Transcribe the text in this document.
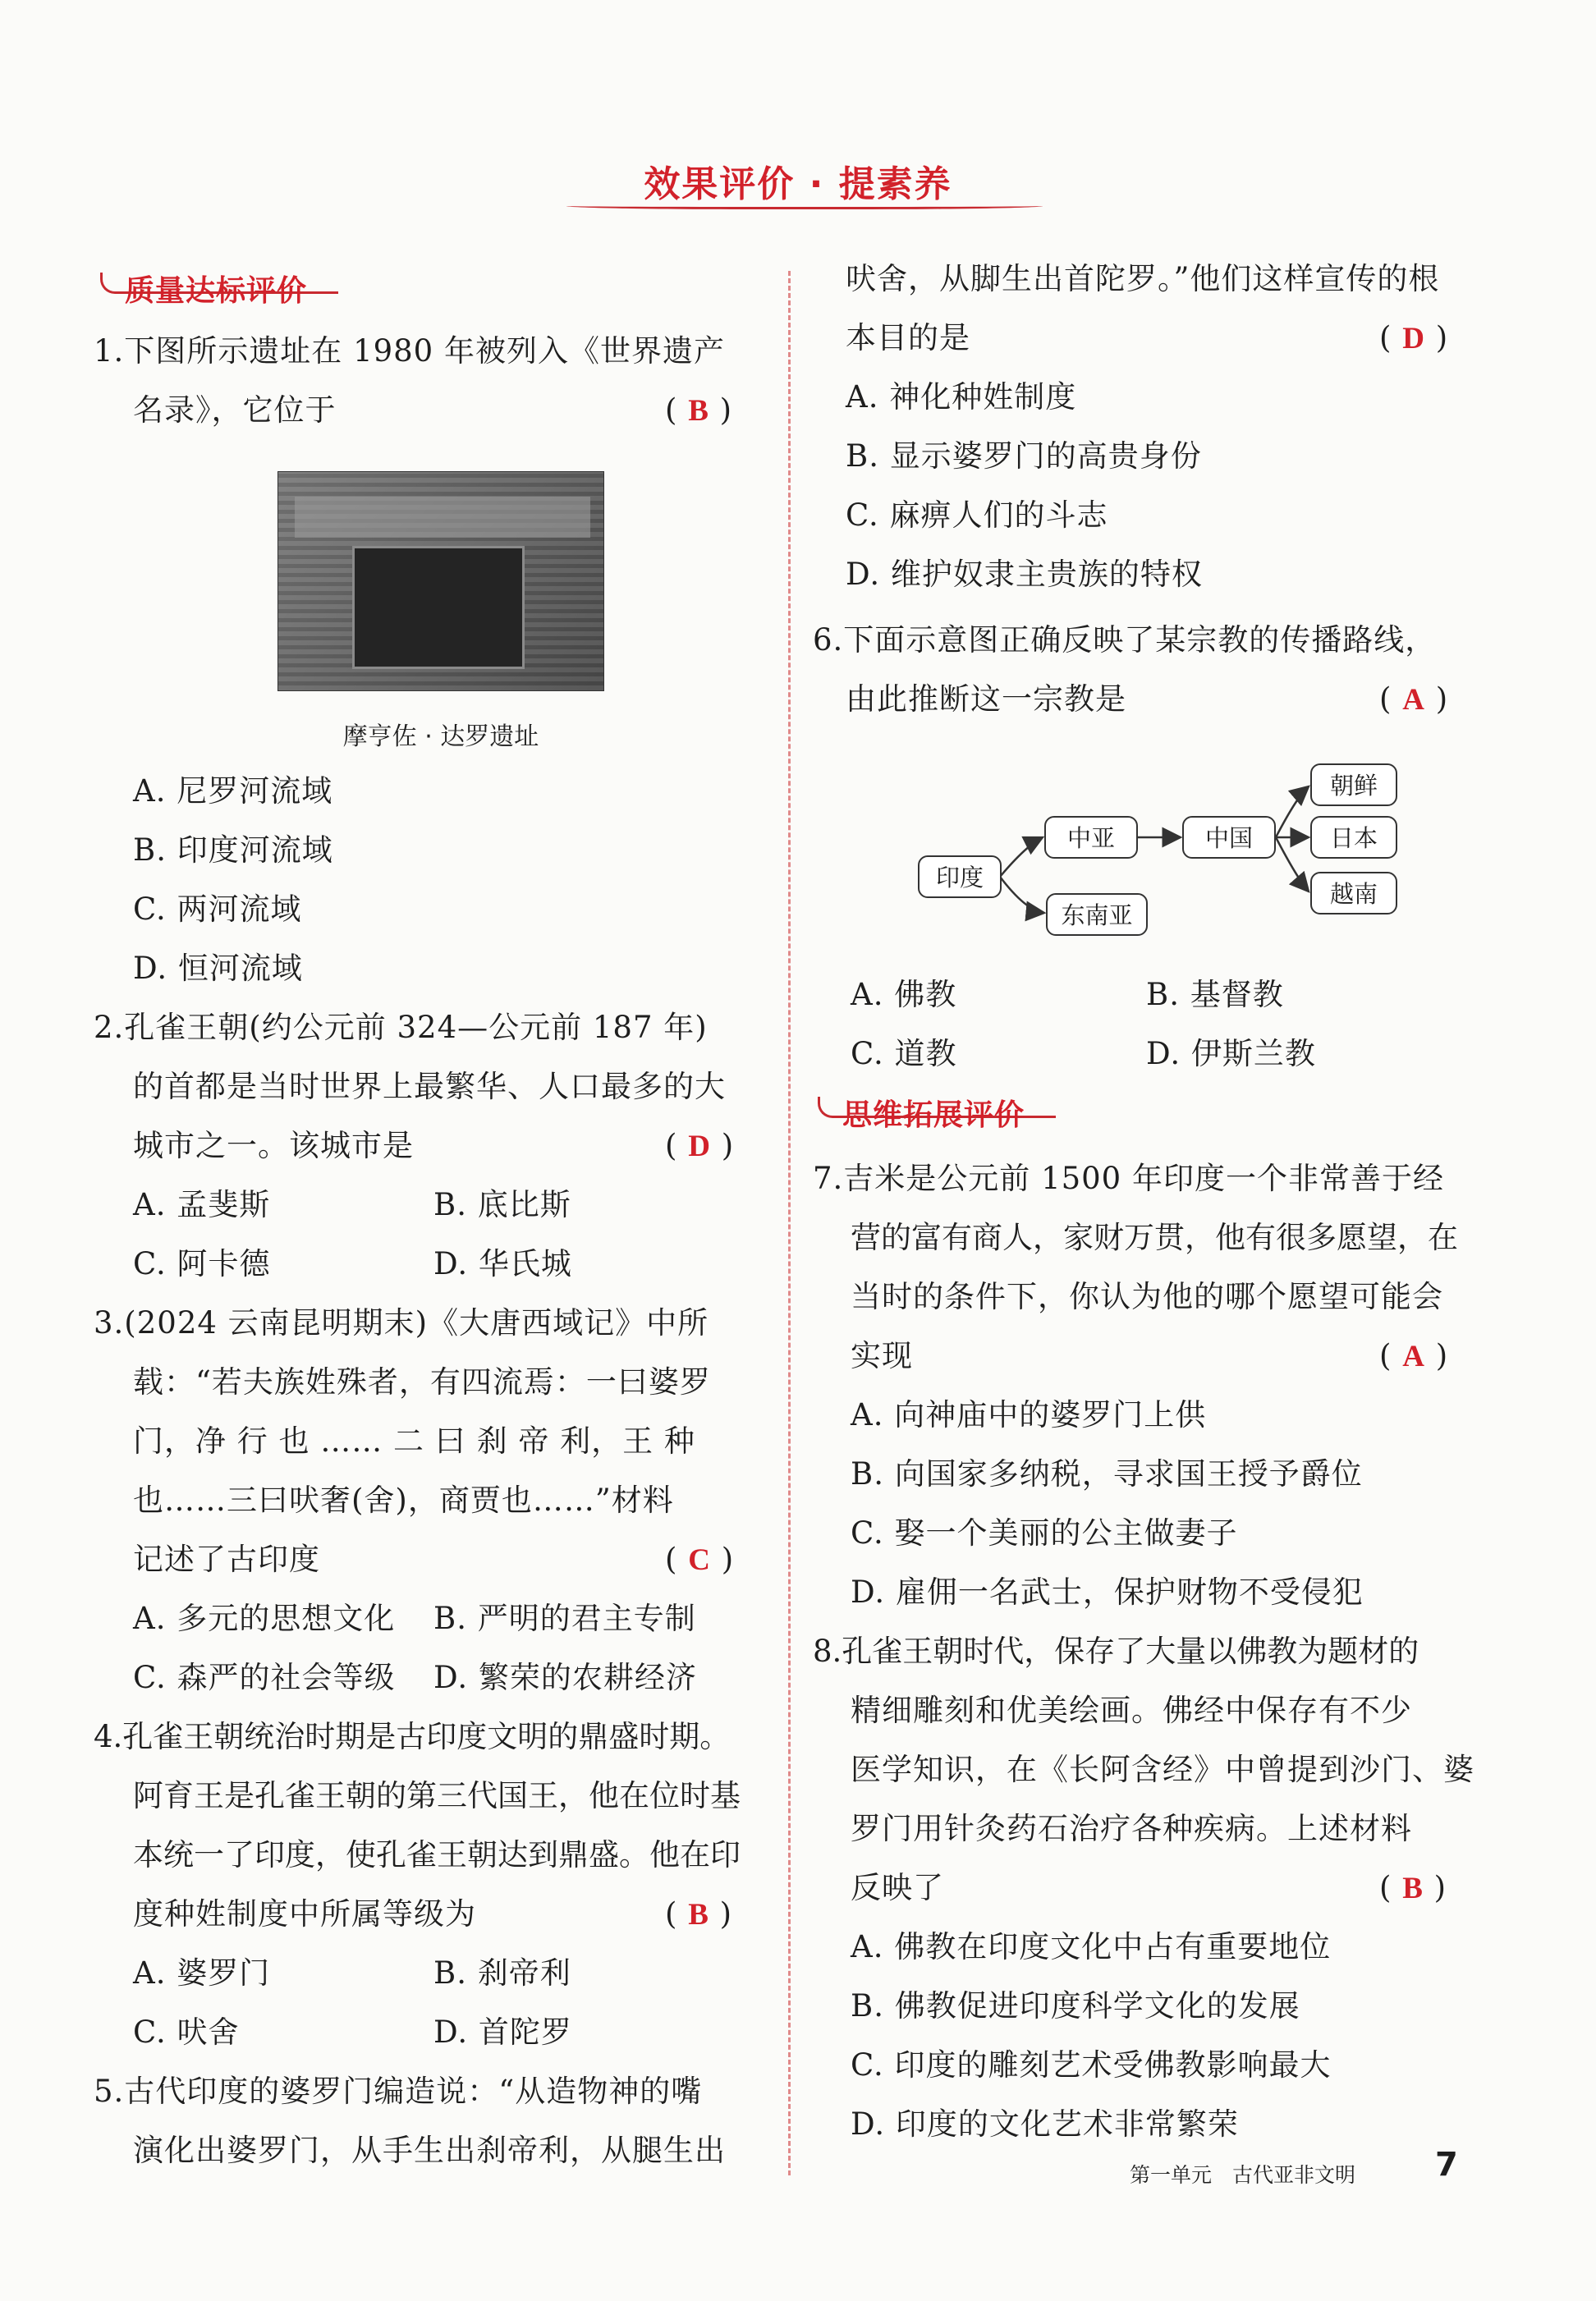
效果评价 · 提素养
质量达标评价
1.下图所示遗址在 1980 年被列入《世界遗产
名录》，它位于	( B )
摩亨佐 · 达罗遗址
A. 尼罗河流域
B. 印度河流域
C. 两河流域
D. 恒河流域
2.孔雀王朝(约公元前 324—公元前 187 年)
的首都是当时世界上最繁华、人口最多的大
城市之一。该城市是	( D )
A. 孟斐斯	B. 底比斯
C. 阿卡德	D. 华氏城
3.(2024 云南昆明期末)《大唐西域记》中所
载：“若夫族姓殊者，有四流焉：一曰婆罗
门，净 行 也 …… 二 曰 刹 帝 利，王 种
也……三曰吠奢(舍)，商贾也……”材料
记述了古印度	( C )
A. 多元的思想文化 B. 严明的君主专制
C. 森严的社会等级 D. 繁荣的农耕经济
4.孔雀王朝统治时期是古印度文明的鼎盛时期。
阿育王是孔雀王朝的第三代国王，他在位时基
本统一了印度，使孔雀王朝达到鼎盛。他在印
度种姓制度中所属等级为	( B )
A. 婆罗门	B. 刹帝利
C. 吠舍	D. 首陀罗
5.古代印度的婆罗门编造说：“从造物神的嘴
演化出婆罗门，从手生出刹帝利，从腿生出
吠舍，从脚生出首陀罗。”他们这样宣传的根
本目的是	( D )
A. 神化种姓制度
B. 显示婆罗门的高贵身份
C. 麻痹人们的斗志
D. 维护奴隶主贵族的特权
6.下面示意图正确反映了某宗教的传播路线，
由此推断这一宗教是	( A )
印度
中亚
东南亚
中国
朝鲜
日本
越南
A. 佛教	B. 基督教
C. 道教	D. 伊斯兰教
思维拓展评价
7.吉米是公元前 1500 年印度一个非常善于经
营的富有商人，家财万贯，他有很多愿望，在
当时的条件下，你认为他的哪个愿望可能会
实现	( A )
A. 向神庙中的婆罗门上供
B. 向国家多纳税，寻求国王授予爵位
C. 娶一个美丽的公主做妻子
D. 雇佣一名武士，保护财物不受侵犯
8.孔雀王朝时代，保存了大量以佛教为题材的
精细雕刻和优美绘画。佛经中保存有不少
医学知识，在《长阿含经》中曾提到沙门、婆
罗门用针灸药石治疗各种疾病。上述材料
反映了	( B )
A. 佛教在印度文化中占有重要地位
B. 佛教促进印度科学文化的发展
C. 印度的雕刻艺术受佛教影响最大
D. 印度的文化艺术非常繁荣
第一单元　古代亚非文明 7
